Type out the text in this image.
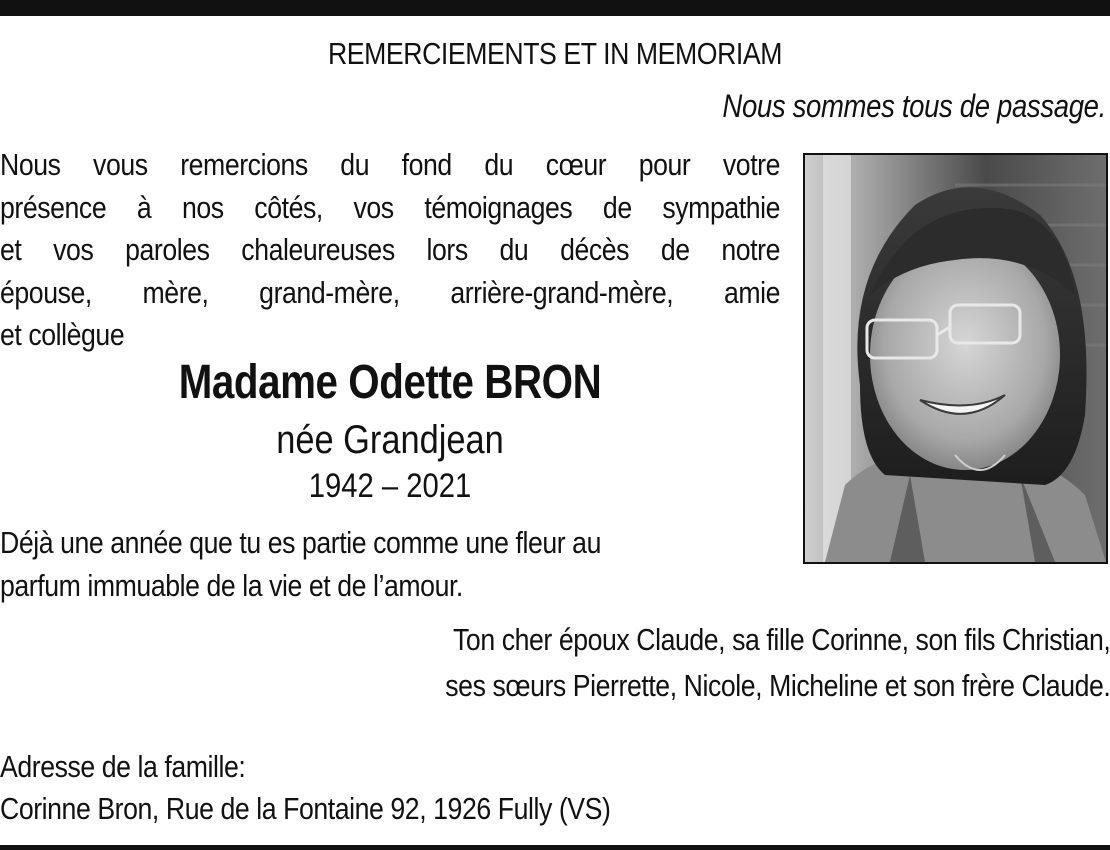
REMERCIEMENTS ET IN MEMORIAM
Nous sommes tous de passage.
Nous vous remercions du fond du cœur pour votre
présence à nos côtés, vos témoignages de sympathie
et vos paroles chaleureuses lors du décès de notre
épouse, mère, grand-mère, arrière-grand-mère, amie
et collègue
Madame Odette BRON
née Grandjean
1942 – 2021
Déjà une année que tu es partie comme une fleur au
parfum immuable de la vie et de l’amour.
Ton cher époux Claude, sa fille Corinne, son fils Christian,
ses sœurs Pierrette, Nicole, Micheline et son frère Claude.
Adresse de la famille:
Corinne Bron, Rue de la Fontaine 92, 1926 Fully (VS)
